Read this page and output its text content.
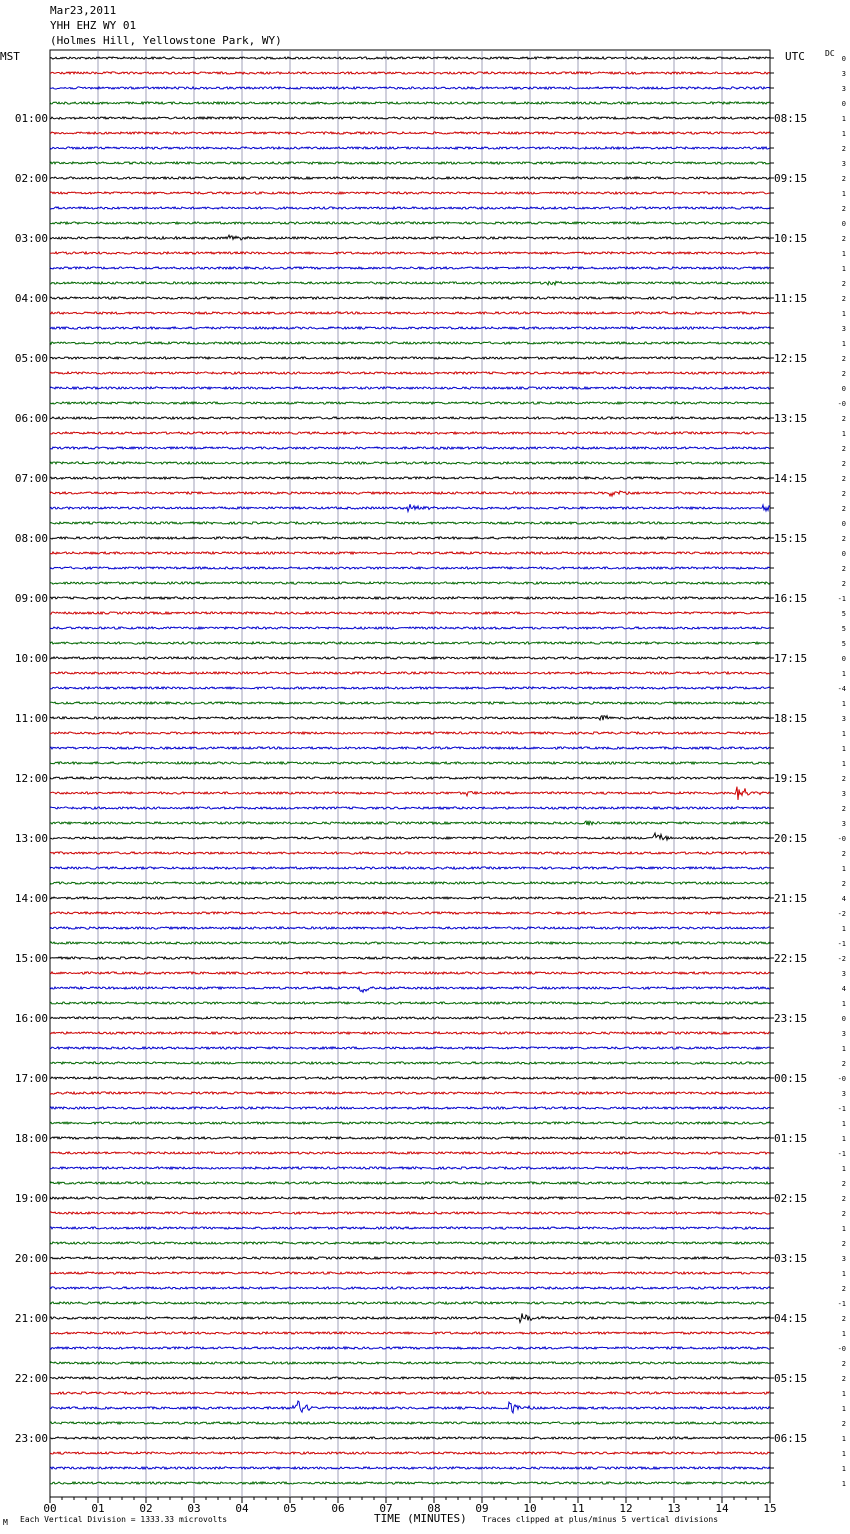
Mar23,2011
YHH EHZ WY 01
(Holmes Hill, Yellowstone Park, WY)
MST	UTC	DC
00	01	02	03	04	05	06	07	08	09	10	11	12	13	14	15
0
3
3
0
1
1
2
3
2
1
2
0
2
1
1
2
2
1
3
1
2
2
0
-0
2
1
2
2
2
2
2
0
2
0
2
2
-1
5
5
5
0
1
-4
1
3
1
1
1
2
3
2
3
-0
2
1
2
4
-2
1
-1
-2
3
4
1
0
3
1
2
-0
3
-1
1
1
-1
1
2
2
2
1
2
3
1
2
-1
2
1
-0
2
2
1
1
2
1
1
1
1
01:00	08:15
02:00	09:15
03:00	10:15
04:00	11:15
05:00	12:15
06:00	13:15
07:00	14:15
08:00	15:15
09:00	16:15
10:00	17:15
11:00	18:15
12:00	19:15
13:00	20:15
14:00	21:15
15:00	22:15
16:00	23:15
17:00	00:15
18:00	01:15
19:00	02:15
20:00	03:15
21:00	04:15
22:00	05:15
23:00	06:15
Each Vertical Division = 1333.33 microvolts	TIME (MINUTES) Traces clipped at plus/minus 5 vertical divisions
M
